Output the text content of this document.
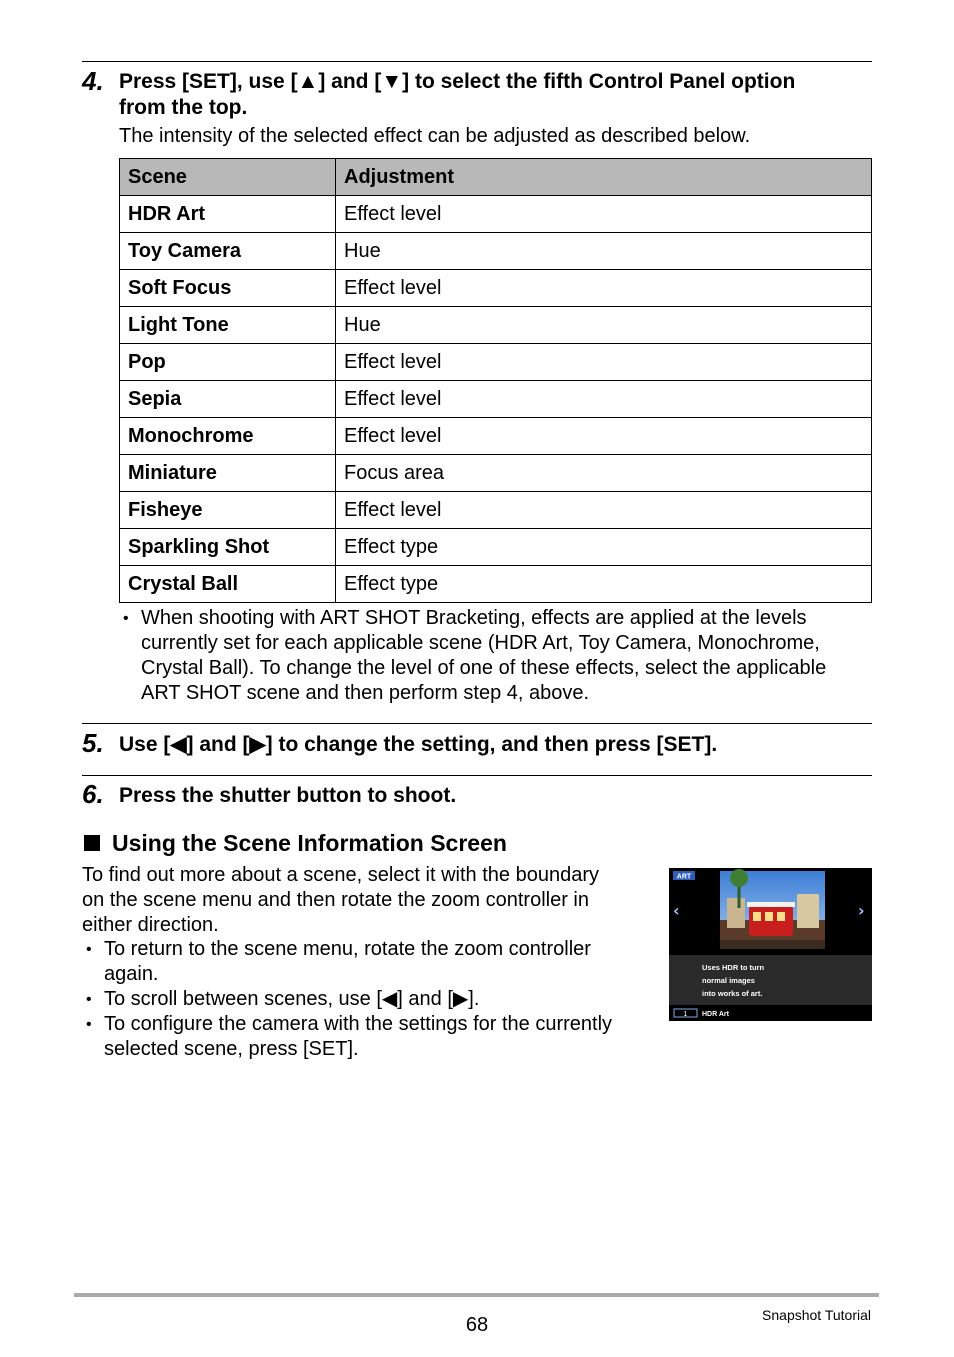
4. Press [SET], use [▲] and [▼] to select the fifth Control Panel option
from the top.
The intensity of the selected effect can be adjusted as described below.
Scene	Adjustment
HDR Art	Effect level
Toy Camera	Hue
Soft Focus	Effect level
Light Tone	Hue
Pop	Effect level
Sepia	Effect level
Monochrome	Effect level
Miniature	Focus area
Fisheye	Effect level
Sparkling Shot	Effect type
Crystal Ball	Effect type
• When shooting with ART SHOT Bracketing, effects are applied at the levels
currently set for each applicable scene (HDR Art, Toy Camera, Monochrome,
Crystal Ball). To change the level of one of these effects, select the applicable
ART SHOT scene and then perform step 4, above.
5. Use [◀] and [▶] to change the setting, and then press [SET].
6. Press the shutter button to shoot.
Using the Scene Information Screen
To find out more about a scene, select it with the boundary
on the scene menu and then rotate the zoom controller in
either direction.
• To return to the scene menu, rotate the zoom controller
again.
• To scroll between scenes, use [◀] and [▶].
• To configure the camera with the settings for the currently
selected scene, press [SET].
ART
‹	›
Uses HDR to turn
normal images
into works of art.
1 HDR Art
68	Snapshot Tutorial
